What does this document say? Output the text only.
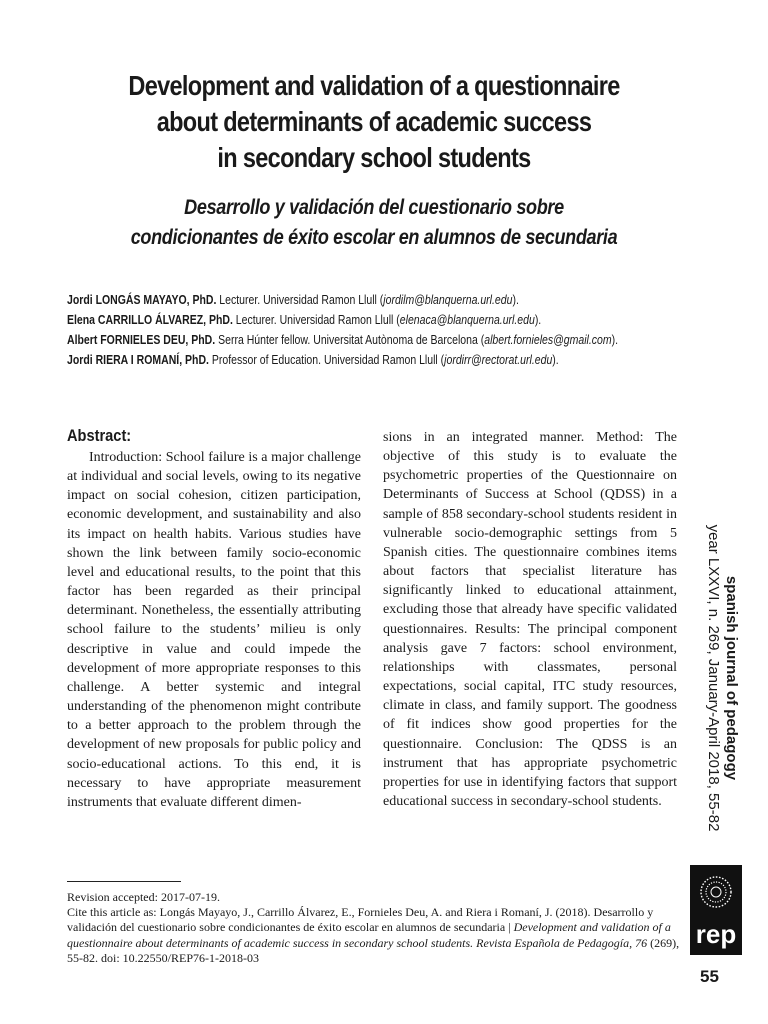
Development and validation of a questionnaire
about determinants of academic success
in secondary school students
Desarrollo y validación del cuestionario sobre
condicionantes de éxito escolar en alumnos de secundaria
Jordi LONGÁS MAYAYO, PhD. Lecturer. Universidad Ramon Llull (jordilm@blanquerna.url.edu).
Elena CARRILLO ÁLVAREZ, PhD. Lecturer. Universidad Ramon Llull (elenaca@blanquerna.url.edu).
Albert FORNIELES DEU, PhD. Serra Húnter fellow. Universitat Autònoma de Barcelona (albert.fornieles@gmail.com).
Jordi RIERA I ROMANÍ, PhD. Professor of Education. Universidad Ramon Llull (jordirr@rectorat.url.edu).
Abstract:

Introduction: School failure is a major challenge at individual and social levels, owing to its negative impact on social cohesion, citizen participation, economic development, and sustainability and also its impact on health habits. Various studies have shown the link between family socio-economic level and educational results, to the point that this factor has been regarded as their principal determinant. Nonetheless, the essentially attributing school failure to the students’ milieu is only descriptive in value and could impede the development of more appropriate responses to this challenge. A better systemic and integral understanding of the phenomenon might contribute to a better approach to the problem through the development of new proposals for public policy and socio-educational actions. To this end, it is necessary to have appropriate measurement instruments that evaluate different dimen-

sions in an integrated manner. Method: The objective of this study is to evaluate the psychometric properties of the Questionnaire on Determinants of Success at School (QDSS) in a sample of 858 secondary-school students resident in vulnerable socio-demographic settings from 5 Spanish cities. The questionnaire combines items about factors that specialist literature has significantly linked to educational attainment, excluding those that already have specific validated questionnaires. Results: The principal component analysis gave 7 factors: school environment, relationships with classmates, personal expectations, social capital, ITC study resources, climate in class, and family support. The goodness of fit indices show good properties for the questionnaire. Conclusion: The QDSS is an instrument that has appropriate psychometric properties for use in identifying factors that support educational success in secondary-school students.

spanish journal of pedagogy
year LXXVI, n. 269, January-April 2018, 55-82
rep

Revision accepted: 2017-07-19.

Cite this article as: Longás Mayayo, J., Carrillo Álvarez, E., Fornieles Deu, A. and Riera i Romaní, J. (2018). Desarrollo y validación del cuestionario sobre condicionantes de éxito escolar en alumnos de secundaria | Development and validation of a questionnaire about determinants of academic success in secondary school students. Revista Española de Pedagogía, 76 (269), 55-82. doi: 10.22550/REP76-1-2018-03

55
